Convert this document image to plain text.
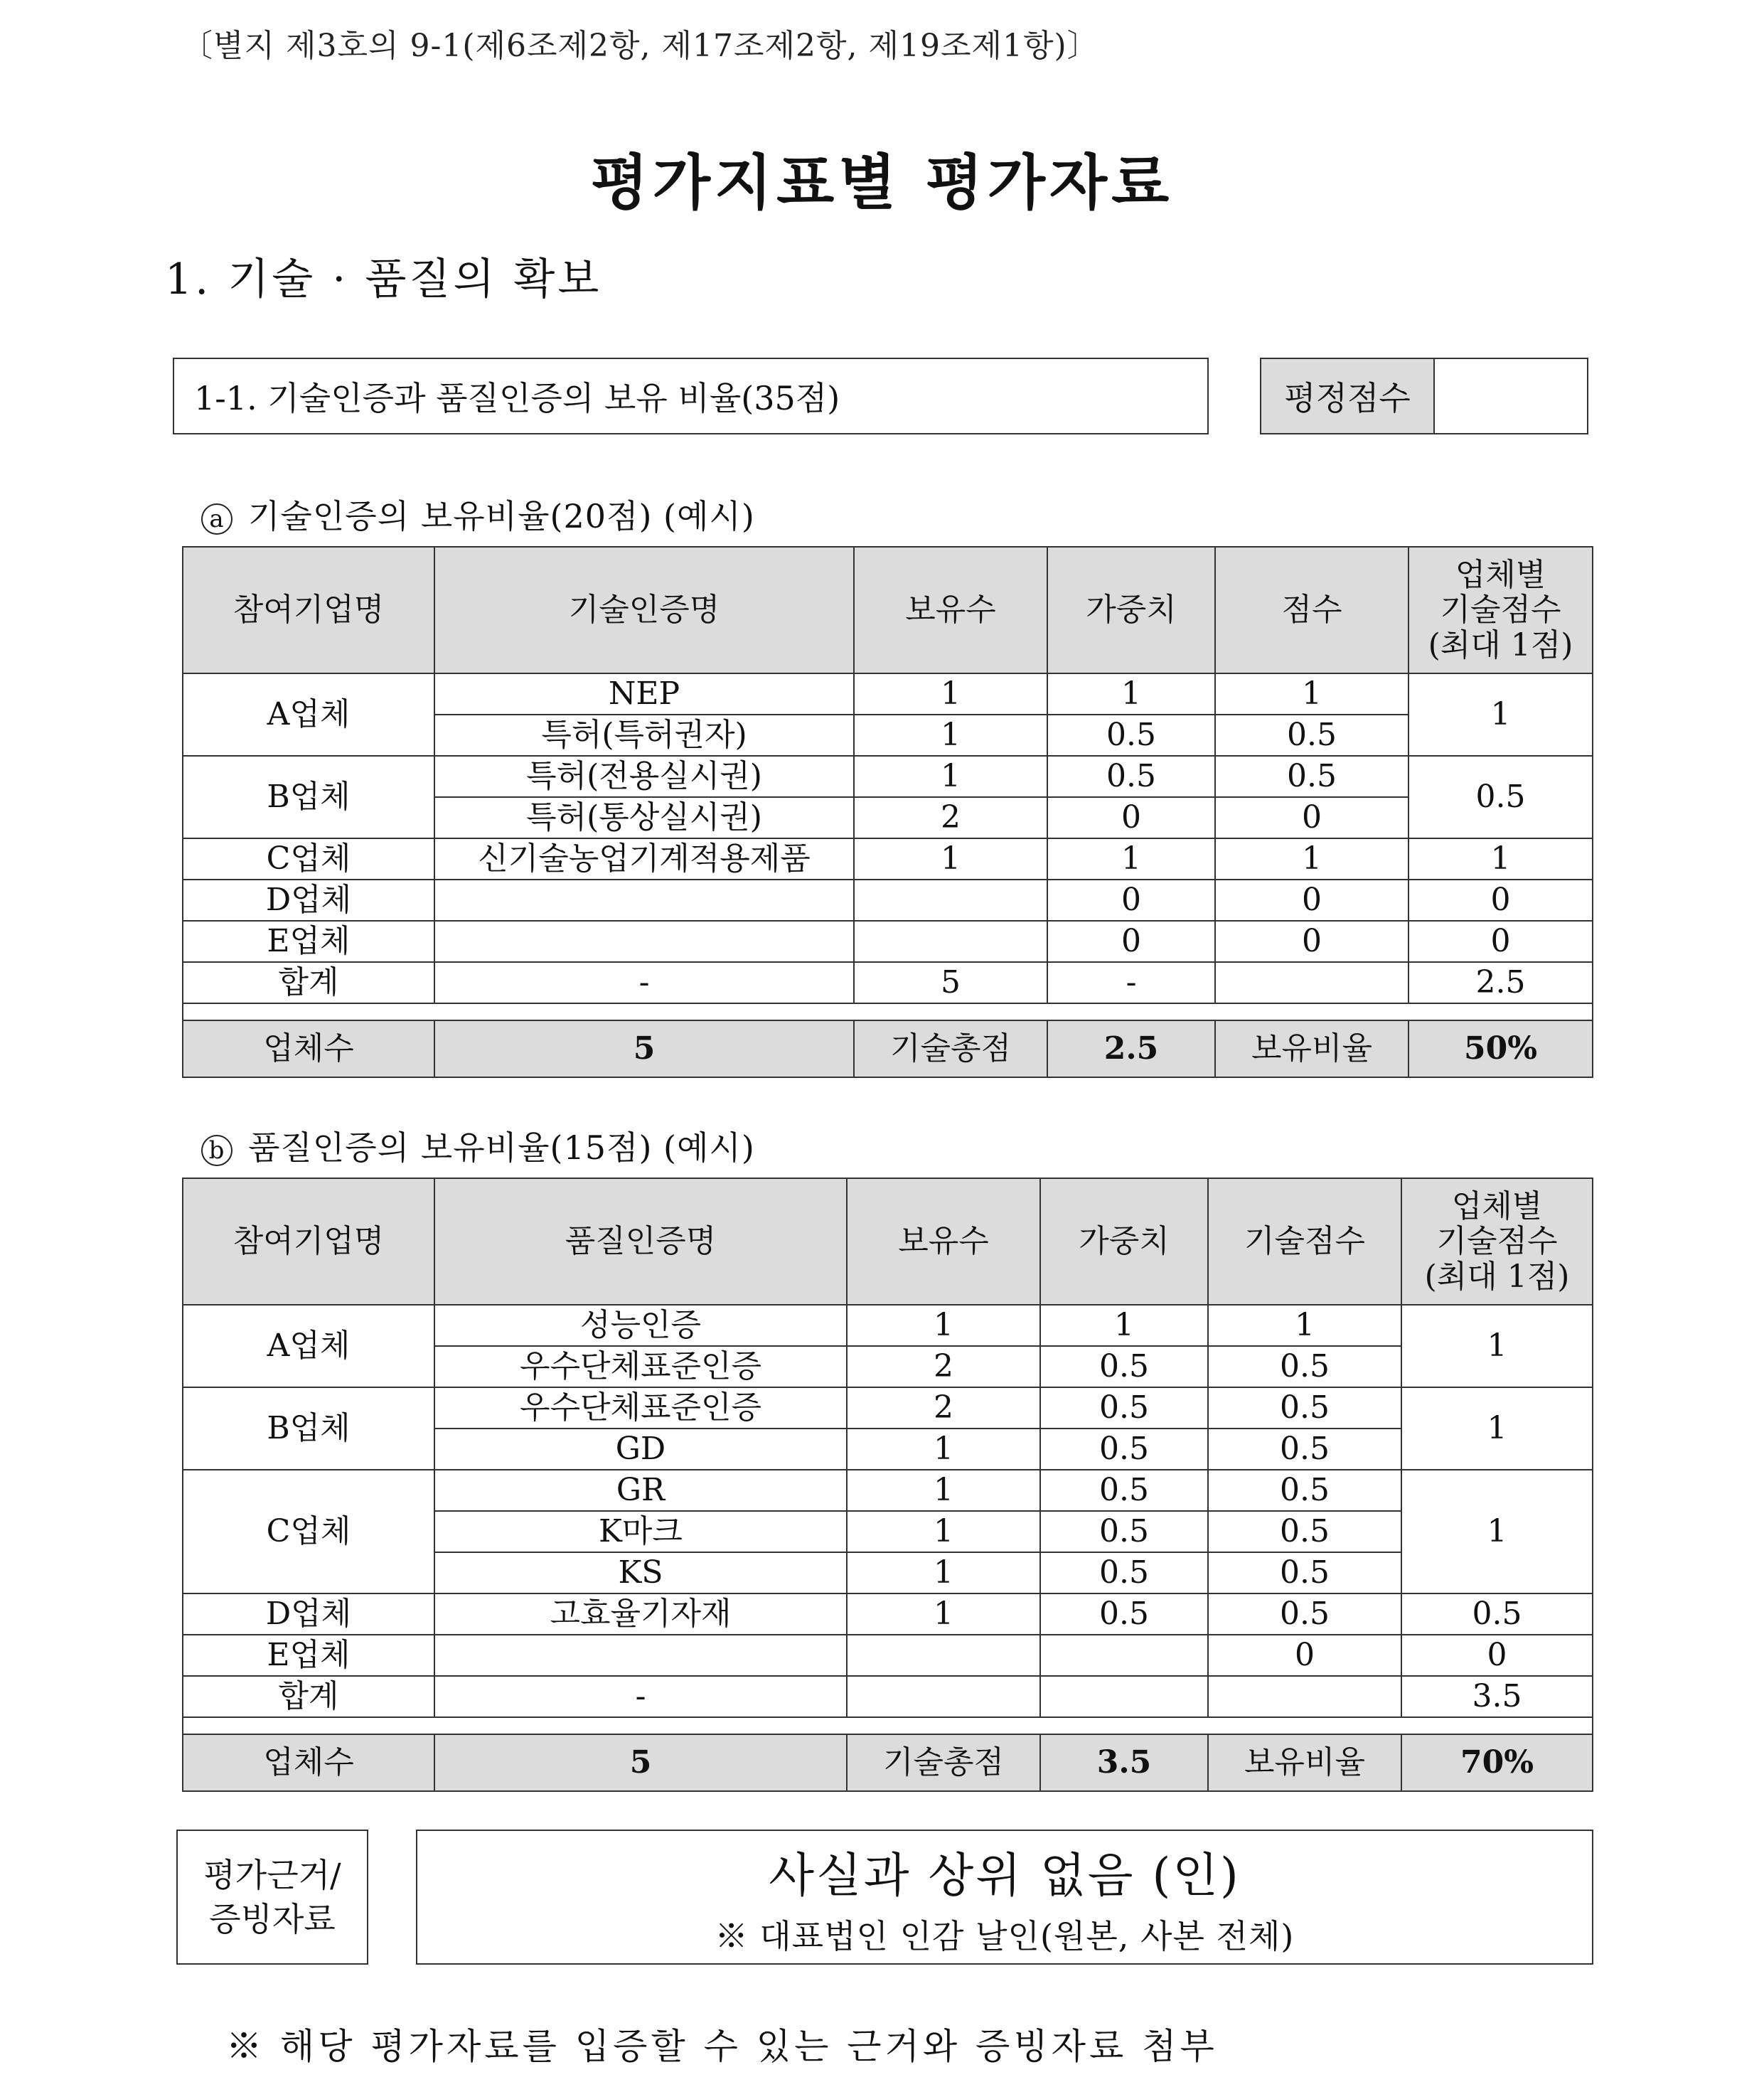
〔별지 제3호의 9-1(제6조제2항, 제17조제2항, 제19조제1항)〕
평가지표별 평가자료
1. 기술 · 품질의 확보
1-1. 기술인증과 품질인증의 보유 비율(35점)	평정점수
a 기술인증의 보유비율(20점) (예시)
참여기업명	기술인증명	보유수	가중치	점수	업체별
기술점수
(최대 1점)
A업체	NEP	1	1	1	1
	특허(특허권자)	1	0.5	0.5	
B업체	특허(전용실시권)	1	0.5	0.5	0.5
	특허(통상실시권)	2	0	0	
C업체	신기술농업기계적용제품	1	1	1	1
D업체			0	0	0
E업체			0	0	0
합계	-	5	-		2.5

업체수	5	기술총점	2.5	보유비율	50%
b 품질인증의 보유비율(15점) (예시)
참여기업명	품질인증명	보유수	가중치	기술점수	업체별
기술점수
(최대 1점)
A업체	성능인증	1	1	1	1
	우수단체표준인증	2	0.5	0.5	
B업체	우수단체표준인증	2	0.5	0.5	1
	GD	1	0.5	0.5	
C업체	GR	1	0.5	0.5	1
	K마크	1	0.5	0.5	
	KS	1	0.5	0.5	
D업체	고효율기자재	1	0.5	0.5	0.5
E업체				0	0
합계	-				3.5

업체수	5	기술총점	3.5	보유비율	70%
평가근거/
증빙자료
사실과 상위 없음 (인)
※ 대표법인 인감 날인(원본, 사본 전체)
※ 해당 평가자료를 입증할 수 있는 근거와 증빙자료 첨부
